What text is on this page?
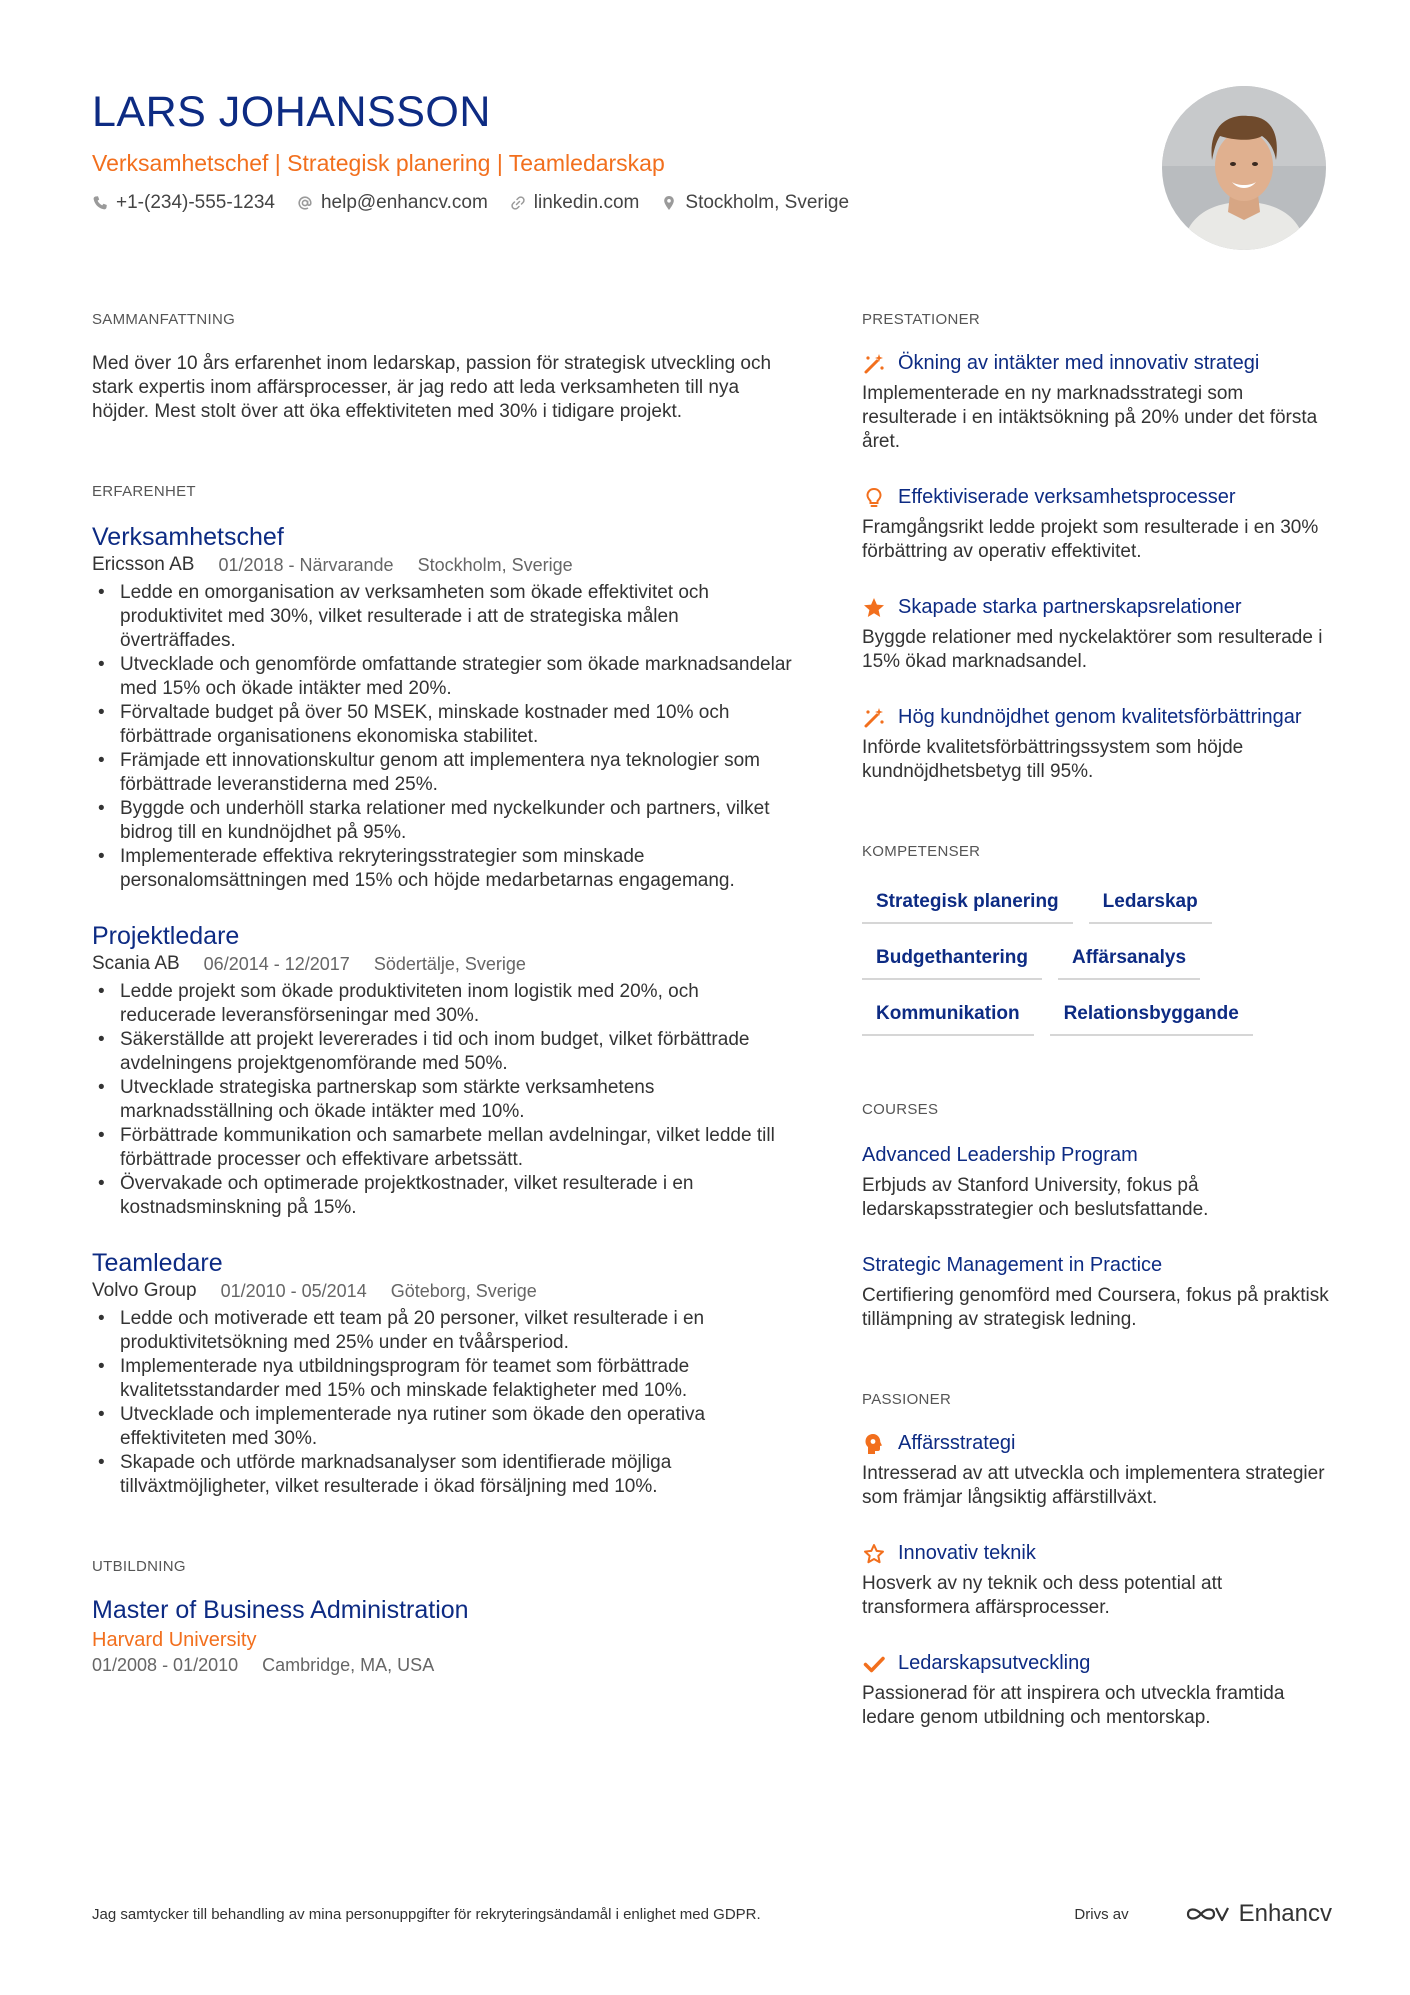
LARS JOHANSSON
Verksamhetschef | Strategisk planering | Teamledarskap
+1-(234)-555-1234 help@enhancv.com linkedin.com Stockholm, Sverige
SAMMANFATTNING

Med över 10 års erfarenhet inom ledarskap, passion för strategisk utveckling och stark expertis inom affärsprocesser, är jag redo att leda verksamheten till nya höjder. Mest stolt över att öka effektiviteten med 30% i tidigare projekt.

ERFARENHET
Verksamhetschef
Ericsson AB 01/2018 - Närvarande Stockholm, Sverige
• Ledde en omorganisation av verksamheten som ökade effektivitet och produktivitet med 30%, vilket resulterade i att de strategiska målen överträffades.
• Utvecklade och genomförde omfattande strategier som ökade marknadsandelar med 15% och ökade intäkter med 20%.
• Förvaltade budget på över 50 MSEK, minskade kostnader med 10% och förbättrade organisationens ekonomiska stabilitet.
• Främjade ett innovationskultur genom att implementera nya teknologier som förbättrade leveranstiderna med 25%.
• Byggde och underhöll starka relationer med nyckelkunder och partners, vilket bidrog till en kundnöjdhet på 95%.
• Implementerade effektiva rekryteringsstrategier som minskade personalomsättningen med 15% och höjde medarbetarnas engagemang.
Projektledare
Scania AB 06/2014 - 12/2017 Södertälje, Sverige
• Ledde projekt som ökade produktiviteten inom logistik med 20%, och reducerade leveransförseningar med 30%.
• Säkerställde att projekt levererades i tid och inom budget, vilket förbättrade avdelningens projektgenomförande med 50%.
• Utvecklade strategiska partnerskap som stärkte verksamhetens marknadsställning och ökade intäkter med 10%.
• Förbättrade kommunikation och samarbete mellan avdelningar, vilket ledde till förbättrade processer och effektivare arbetssätt.
• Övervakade och optimerade projektkostnader, vilket resulterade i en kostnadsminskning på 15%.
Teamledare
Volvo Group 01/2010 - 05/2014 Göteborg, Sverige
• Ledde och motiverade ett team på 20 personer, vilket resulterade i en produktivitetsökning med 25% under en tvåårsperiod.
• Implementerade nya utbildningsprogram för teamet som förbättrade kvalitetsstandarder med 15% och minskade felaktigheter med 10%.
• Utvecklade och implementerade nya rutiner som ökade den operativa effektiviteten med 30%.
• Skapade och utförde marknadsanalyser som identifierade möjliga tillväxtmöjligheter, vilket resulterade i ökad försäljning med 10%.
UTBILDNING
Master of Business Administration
Harvard University
01/2008 - 01/2010 Cambridge, MA, USA
PRESTATIONER
Ökning av intäkter med innovativ strategi
Implementerade en ny marknadsstrategi som resulterade i en intäktsökning på 20% under det första året.
Effektiviserade verksamhetsprocesser
Framgångsrikt ledde projekt som resulterade i en 30% förbättring av operativ effektivitet.
Skapade starka partnerskapsrelationer
Byggde relationer med nyckelaktörer som resulterade i 15% ökad marknadsandel.
Hög kundnöjdhet genom kvalitetsförbättringar
Införde kvalitetsförbättringssystem som höjde kundnöjdhetsbetyg till 95%.
KOMPETENSER
Strategisk planering	Ledarskap
Budgethantering	Affärsanalys
Kommunikation	Relationsbyggande
COURSES
Advanced Leadership Program
Erbjuds av Stanford University, fokus på ledarskapsstrategier och beslutsfattande.
Strategic Management in Practice
Certifiering genomförd med Coursera, fokus på praktisk tillämpning av strategisk ledning.
PASSIONER
Affärsstrategi
Intresserad av att utveckla och implementera strategier som främjar långsiktig affärstillväxt.
Innovativ teknik
Hosverk av ny teknik och dess potential att transformera affärsprocesser.
Ledarskapsutveckling
Passionerad för att inspirera och utveckla framtida ledare genom utbildning och mentorskap.
Jag samtycker till behandling av mina personuppgifter för rekryteringsändamål i enlighet med GDPR.	Drivs av	Enhancv
